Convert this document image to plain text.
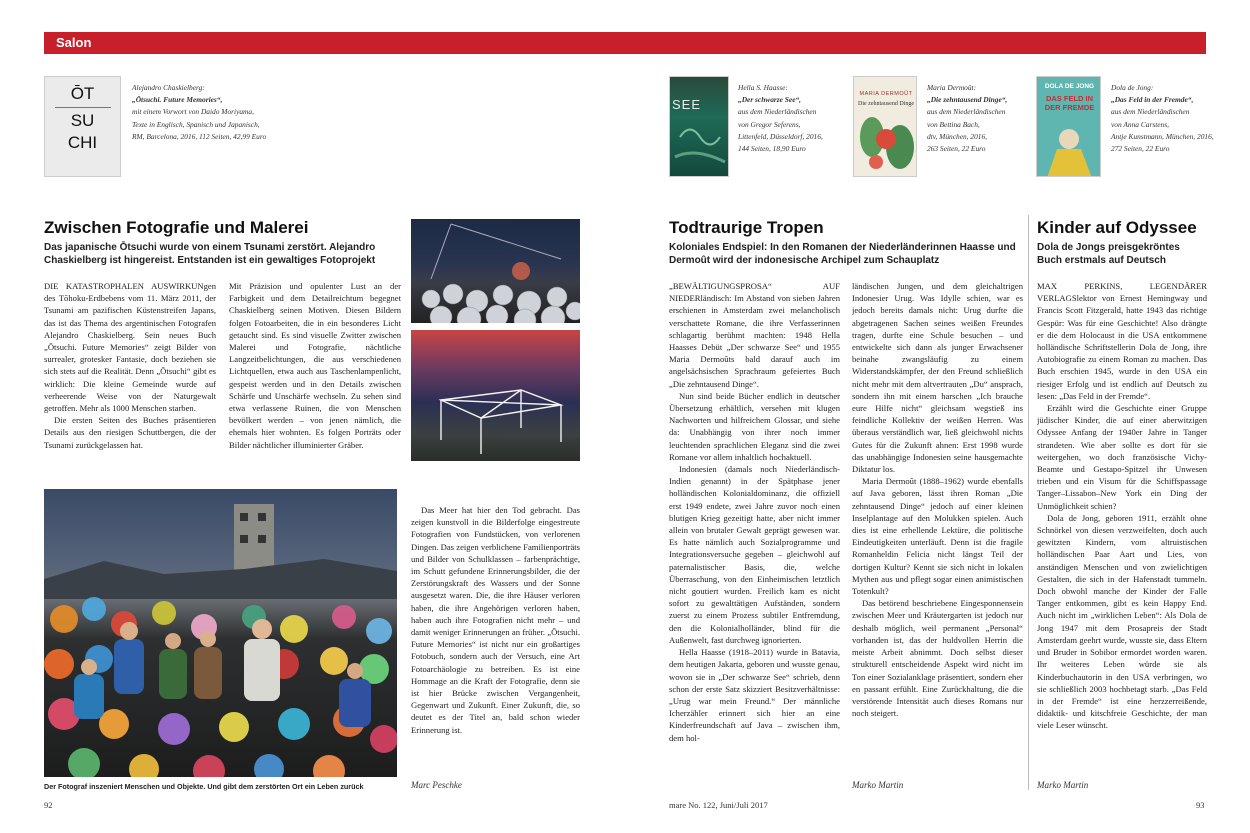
Salon
ŌT
SU
CHI
Alejandro Chaskielberg:
„Ōtsuchi. Future Memories“,
mit einem Vorwort von Daido Moriyama,
Texte in Englisch, Spanisch und Japanisch,
RM, Barcelona, 2016, 112 Seiten, 42,99 Euro
Zwischen Fotografie und Malerei
Das japanische Ōtsuchi wurde von einem Tsunami zerstört. Alejandro Chaskielberg ist hingereist. Entstanden ist ein gewaltiges Fotoprojekt

DIE KATASTROPHALEN AUSWIRKUNgen des Tōhoku-Erdbebens vom 11. März 2011, der Tsunami am pazifischen Küstenstreifen Japans, das ist das Thema des argentinischen Fotografen Alejandro Chaskielberg. Sein neues Buch „Ōtsuchi. Future Memories“ zeigt Bilder von surrealer, grotesker Fantasie, doch beziehen sie sich stets auf die Realität. Denn „Ōtsuchi“ gibt es wirklich: Die kleine Gemeinde wurde auf verheerende Weise von der Naturgewalt getroffen. Mehr als 1000 Menschen starben.

Die ersten Seiten des Buches präsentieren Details aus den riesigen Schuttbergen, die der Tsunami zurückgelassen hat.

Mit Präzision und opulenter Lust an der Farbigkeit und dem Detailreichtum begegnet Chaskielberg seinen Motiven. Diesen Bildern folgen Fotoarbeiten, die in ein besonderes Licht getaucht sind. Es sind visuelle Zwitter zwischen Malerei und Fotografie, nächtliche Langzeitbelichtungen, die aus verschiedenen Lichtquellen, etwa auch aus Taschenlampenlicht, gespeist werden und in den Details zwischen Schärfe und Unschärfe wechseln. Zu sehen sind etwa verlassene Ruinen, die von Menschen bevölkert werden – von jenen nämlich, die ehemals hier wohnten. Es folgen Porträts oder Bilder nächtlicher illuminierter Gräber.

Der Fotograf inszeniert Menschen und Objekte. Und gibt dem zerstörten Ort ein Leben zurück

Das Meer hat hier den Tod gebracht. Das zeigen kunstvoll in die Bilderfolge eingestreute Fotografien von Fundstücken, von verlorenen Dingen. Das zeigen verblichene Familienporträts und Bilder von Schulklassen – farbenprächtige, im Schutt gefundene Erinnerungsbilder, die der Zerstörungskraft des Wassers und der Sonne ausgesetzt waren. Die, die ihre Häuser verloren haben, die ihre Angehörigen verloren haben, haben auch ihre Fotografien nicht mehr – und damit weniger Erinnerungen an früher. „Ōtsuchi. Future Memories“ ist nicht nur ein großartiges Fotobuch, sondern auch der Versuch, eine Art Fotoarchäologie zu betreiben. Es ist eine Hommage an die Kraft der Fotografie, denn sie ist hier Brücke zwischen Vergangenheit, Gegenwart und Zukunft. Einer Zukunft, die, so deutet es der Titel an, bald schon wieder Erinnerung ist.

Marc Peschke
92
SEE
Hella S. Haasse:
„Der schwarze See“,
aus dem Niederländischen
von Gregor Seferens,
Littenfeld, Düsseldorf, 2016,
144 Seiten, 18,90 Euro
MARIA DERMOÛT
Die zehntausend Dinge
Maria Dermoût:
„Die zehntausend Dinge“,
aus dem Niederländischen
von Bettina Bach,
dtv, München, 2016,
263 Seiten, 22 Euro
DOLA DE JONG
DAS FELD IN DER FREMDE
Dola de Jong:
„Das Feld in der Fremde“,
aus dem Niederländischen
von Anna Carstens,
Antje Kunstmann, München, 2016,
272 Seiten, 22 Euro
Todtraurige Tropen
Koloniales Endspiel: In den Romanen der Niederländerinnen Haasse und Dermoût wird der indonesische Archipel zum Schauplatz

„BEWÄLTIGUNGSPROSA“ AUF NIEDERländisch: Im Abstand von sieben Jahren erschienen in Amsterdam zwei melancholisch verschattete Romane, die ihre Verfasserinnen schlagartig berühmt machten: 1948 Hella Haasses Debüt „Der schwarze See“ und 1955 Maria Dermoûts bald darauf auch im angelsächsischen Sprachraum gefeiertes Buch „Die zehntausend Dinge“.

Nun sind beide Bücher endlich in deutscher Übersetzung erhältlich, versehen mit klugen Nachworten und hilfreichem Glossar, und siehe da: Unabhängig von ihrer noch immer leuchtenden sprachlichen Eleganz sind die zwei Romane vor allem inhaltlich hochaktuell.

Indonesien (damals noch Niederländisch-Indien genannt) in der Spätphase jener holländischen Kolonialdominanz, die offiziell erst 1949 endete, zwei Jahre zuvor noch einen blutigen Krieg gezeitigt hatte, aber nicht immer allein von brutaler Gewalt geprägt gewesen war. Es hatte nämlich auch Sozialprogramme und Integrationsversuche gegeben – gleichwohl auf paternalistischer Basis, die, welche Überraschung, von den Einheimischen letztlich nicht goutiert wurden. Freilich kam es nicht sofort zu gewalttätigen Aufständen, sondern zuerst zu einem Prozess subtiler Entfremdung, den die Kolonialholländer, blind für die Außenwelt, fast durchweg ignorierten.

Hella Haasse (1918–2011) wurde in Batavia, dem heutigen Jakarta, geboren und wusste genau, wovon sie in „Der schwarze See“ schrieb, denn schon der erste Satz skizziert Besitzverhältnisse: „Urug war mein Freund.“ Der männliche Icherzähler erinnert sich hier an eine Kinderfreundschaft auf Java – zwischen ihm, dem hol-

ländischen Jungen, und dem gleichaltrigen Indonesier Urug. Was Idylle schien, war es jedoch bereits damals nicht: Urug durfte die abgetragenen Sachen seines weißen Freundes tragen, durfte eine Schule besuchen – und entwickelte sich dann als junger Erwachsener beinahe zwangsläufig zu einem Widerstandskämpfer, der den Freund schließlich nicht mehr mit dem altvertrauten „Du“ ansprach, sondern ihn mit einem harschen „Ich brauche eure Hilfe nicht“ gleichsam wegstieß ins feindliche Kollektiv der weißen Herren. Was überaus verständlich war, ließ gleichwohl nichts Gutes für die Zukunft ahnen: Erst 1998 wurde das unabhängige Indonesien seine hausgemachte Diktatur los.

Maria Dermoût (1888–1962) wurde ebenfalls auf Java geboren, lässt ihren Roman „Die zehntausend Dinge“ jedoch auf einer kleinen Inselplantage auf den Molukken spielen. Auch dies ist eine erhellende Lektüre, die politische Eindeutigkeiten unterläuft. Denn ist die fragile Romanheldin Felicia nicht längst Teil der dortigen Kultur? Kennt sie sich nicht in lokalen Mythen aus und pflegt sogar einen animistischen Totenkult?

Das betörend beschriebene Eingesponnensein zwischen Meer und Kräutergarten ist jedoch nur deshalb möglich, weil permanent „Personal“ vorhanden ist, das der huldvollen Herrin die meiste Arbeit abnimmt. Doch selbst dieser strukturell entscheidende Aspekt wird nicht im Ton einer Sozialanklage präsentiert, sondern eher en passant erfühlt. Eine Zurückhaltung, die die verstörende Intensität auch dieses Romans nur noch steigert.

Marko Martin
Kinder auf Odyssee
Dola de Jongs preisgekröntes Buch erstmals auf Deutsch

MAX PERKINS, LEGENDÄRER VERLAGSlektor von Ernest Hemingway und Francis Scott Fitzgerald, hatte 1943 das richtige Gespür: Was für eine Geschichte! Also drängte er die dem Holocaust in die USA entkommene holländische Schriftstellerin Dola de Jong, ihre Autobiografie zu einem Roman zu machen. Das Buch erschien 1945, wurde in den USA ein riesiger Erfolg und ist endlich auf Deutsch zu lesen: „Das Feld in der Fremde“.

Erzählt wird die Geschichte einer Gruppe jüdischer Kinder, die auf einer aberwitzigen Odyssee Anfang der 1940er Jahre in Tanger strandeten. Wie aber sollte es dort für sie weitergehen, wo doch französische Vichy-Beamte und Gestapo-Spitzel ihr Unwesen trieben und ein Visum für die Schiffspassage Tanger–Lissabon–New York ein Ding der Unmöglichkeit schien?

Dola de Jong, geboren 1911, erzählt ohne Schnörkel von diesen verzweifelten, doch auch gewitzten Kindern, vom altruistischen holländischen Paar Aart und Lies, von anständigen Menschen und von zwielichtigen Gestalten, die sich in der Hafenstadt tummeln. Doch obwohl manche der Kinder der Falle Tanger entkommen, gibt es kein Happy End. Auch nicht im „wirklichen Leben“: Als Dola de Jong 1947 mit dem Prosapreis der Stadt Amsterdam geehrt wurde, wusste sie, dass Eltern und Bruder in Sobibor ermordet worden waren. Ihr weiteres Leben würde sie als Kinderbuchautorin in den USA verbringen, wo sie schließlich 2003 hochbetagt starb. „Das Feld in der Fremde“ ist eine herzzerreißende, didaktik- und kitschfreie Geschichte, der man viele Leser wünscht.

Marko Martin
mare No. 122, Juni/Juli 2017	93
